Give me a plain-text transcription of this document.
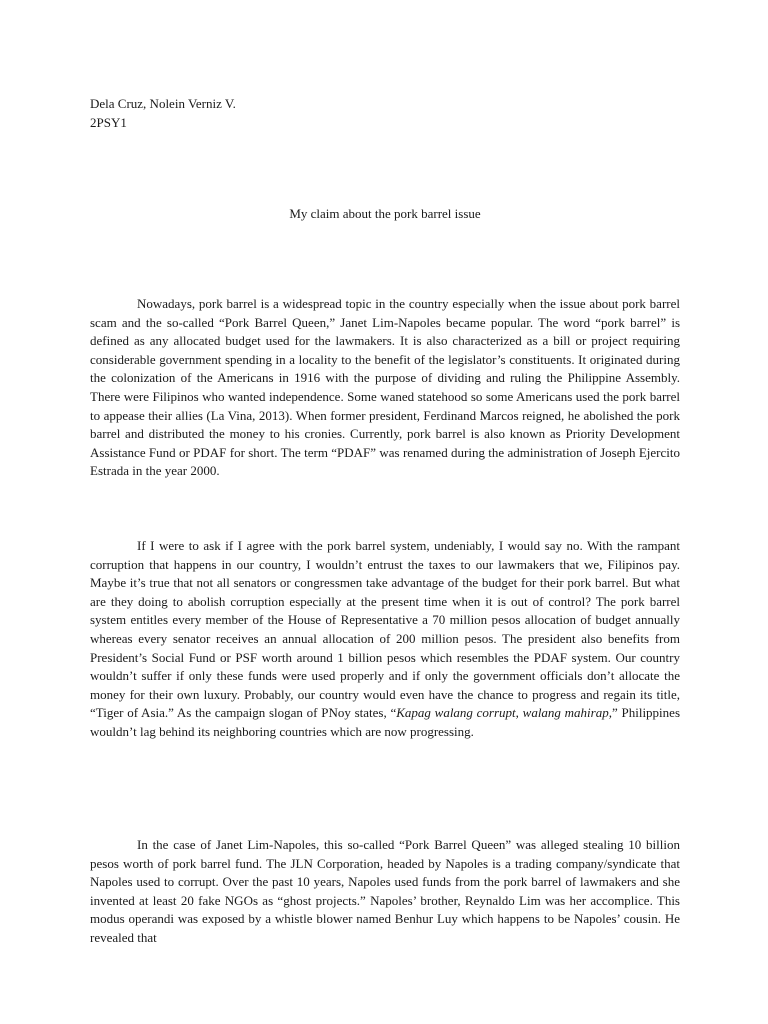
Dela Cruz, Nolein Verniz V.
2PSY1
My claim about the pork barrel issue

Nowadays, pork barrel is a widespread topic in the country especially when the issue about pork barrel scam and the so-called “Pork Barrel Queen,” Janet Lim-Napoles became popular. The word “pork barrel” is defined as any allocated budget used for the lawmakers. It is also characterized as a bill or project requiring considerable government spending in a locality to the benefit of the legislator’s constituents. It originated during the colonization of the Americans in 1916 with the purpose of dividing and ruling the Philippine Assembly. There were Filipinos who wanted independence. Some waned statehood so some Americans used the pork barrel to appease their allies (La Vina, 2013). When former president, Ferdinand Marcos reigned, he abolished the pork barrel and distributed the money to his cronies. Currently, pork barrel is also known as Priority Development Assistance Fund or PDAF for short. The term “PDAF” was renamed during the administration of Joseph Ejercito Estrada in the year 2000.

If I were to ask if I agree with the pork barrel system, undeniably, I would say no. With the rampant corruption that happens in our country, I wouldn’t entrust the taxes to our lawmakers that we, Filipinos pay. Maybe it’s true that not all senators or congressmen take advantage of the budget for their pork barrel. But what are they doing to abolish corruption especially at the present time when it is out of control? The pork barrel system entitles every member of the House of Representative a 70 million pesos allocation of budget annually whereas every senator receives an annual allocation of 200 million pesos. The president also benefits from President’s Social Fund or PSF worth around 1 billion pesos which resembles the PDAF system. Our country wouldn’t suffer if only these funds were used properly and if only the government officials don’t allocate the money for their own luxury. Probably, our country would even have the chance to progress and regain its title, “Tiger of Asia.” As the campaign slogan of PNoy states, “Kapag walang corrupt, walang mahirap,” Philippines wouldn’t lag behind its neighboring countries which are now progressing.

In the case of Janet Lim-Napoles, this so-called “Pork Barrel Queen” was alleged stealing 10 billion pesos worth of pork barrel fund. The JLN Corporation, headed by Napoles is a trading company/syndicate that Napoles used to corrupt. Over the past 10 years, Napoles used funds from the pork barrel of lawmakers and she invented at least 20 fake NGOs as “ghost projects.” Napoles’ brother, Reynaldo Lim was her accomplice. This modus operandi was exposed by a whistle blower named Benhur Luy which happens to be Napoles’ cousin. He revealed that
